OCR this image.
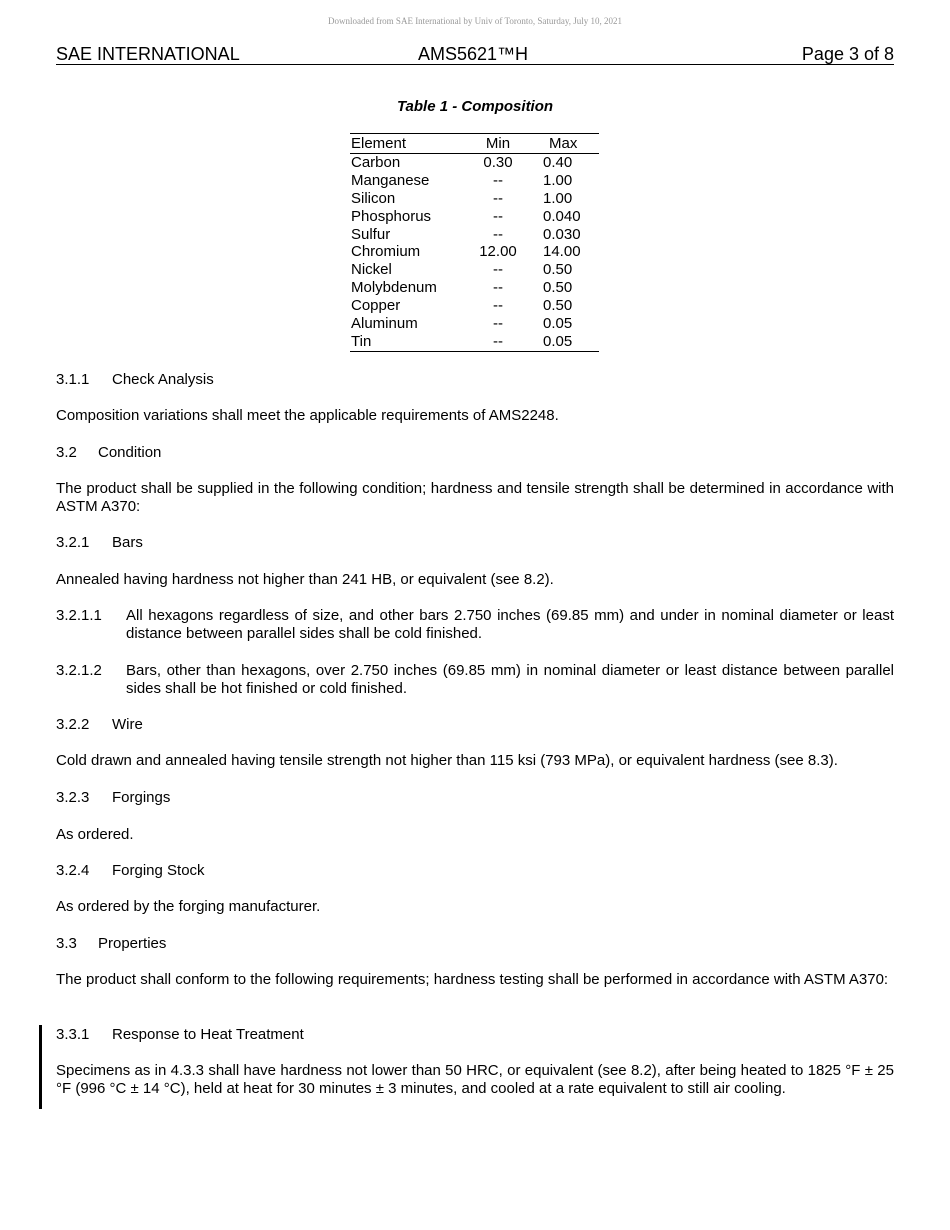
Downloaded from SAE International by Univ of Toronto, Saturday, July 10, 2021
SAE INTERNATIONAL	AMS5621™H	Page 3 of 8
Table 1 - Composition
Element	Min	Max
Carbon	0.30	0.40
Manganese	--	1.00
Silicon	--	1.00
Phosphorus	--	0.040
Sulfur	--	0.030
Chromium	12.00	14.00
Nickel	--	0.50
Molybdenum	--	0.50
Copper	--	0.50
Aluminum	--	0.05
Tin	--	0.05
3.1.1 Check Analysis
Composition variations shall meet the applicable requirements of AMS2248.
3.2 Condition
The product shall be supplied in the following condition; hardness and tensile strength shall be determined in accordance with ASTM A370:
3.2.1 Bars
Annealed having hardness not higher than 241 HB, or equivalent (see 8.2).
3.2.1.1 All hexagons regardless of size, and other bars 2.750 inches (69.85 mm) and under in nominal diameter or least distance between parallel sides shall be cold finished.
3.2.1.2 Bars, other than hexagons, over 2.750 inches (69.85 mm) in nominal diameter or least distance between parallel sides shall be hot finished or cold finished.
3.2.2 Wire
Cold drawn and annealed having tensile strength not higher than 115 ksi (793 MPa), or equivalent hardness (see 8.3).
3.2.3 Forgings
As ordered.
3.2.4 Forging Stock
As ordered by the forging manufacturer.
3.3 Properties
The product shall conform to the following requirements; hardness testing shall be performed in accordance with ASTM A370:
3.3.1 Response to Heat Treatment
Specimens as in 4.3.3 shall have hardness not lower than 50 HRC, or equivalent (see 8.2), after being heated to 1825 °F ± 25 °F (996 °C ± 14 °C), held at heat for 30 minutes ± 3 minutes, and cooled at a rate equivalent to still air cooling.
